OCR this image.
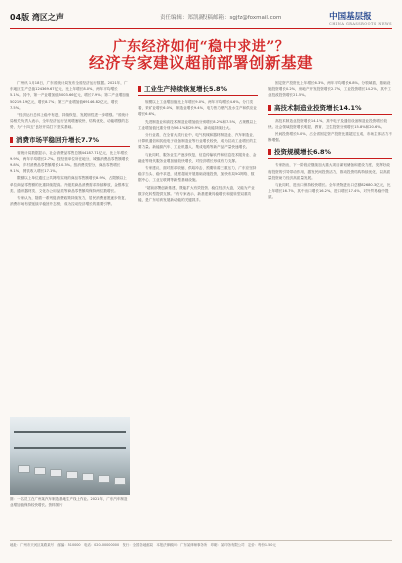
04版 湾区之声	责任编辑：郑凯新
投稿邮箱：sgjfz@foxmail.com	中国基层报
CHINA GRASSROOTS NEWS
广东经济如何“稳中求进”？
经济专家建议超前部署创新基建

广州讯 1月18日，广东省统计局发布全省经济运行数据。2021年，广东地区生产总值124369.67亿元，比上年增长8.0%，两年平均增长5.1%。其中，第一产业增加值5003.66亿元，增长7.9%；第二产业增加值50219.19亿元，增长8.7%；第三产业增加值69146.82亿元，增长7.5%。

“经济运行总体上稳中有进，持续恢复，发展韧性进一步增强。”省统计局相关负责人表示，全年经济运行呈现增速较快、结构优化、动能增强的态势，为“十四五”良好开局打下坚实基础。

消费市场平稳回升增长7.7%

省统计局数据显示，社会消费品零售总额44187.71亿元，比上年增长9.9%，两年平均增长2.7%。按经营单位所在地分，城镇消费品零售额增长9.8%，乡村消费品零售额增长10.3%。按消费类型分，商品零售增长9.1%，餐饮收入增长17.1%。

限额以上单位通过公共网络实现的商品零售额增长8.9%，占限额以上单位商品零售额的比重持续提高。升级类商品消费需求持续释放，金银珠宝类、通讯器材类、文化办公用品类等商品零售额均保持两位数增长。

专家认为，随着一系列促消费政策持续发力，居民消费意愿逐步恢复，消费市场有望延续平稳回升态势，成为拉动经济增长的重要引擎。

图：一名员工在广州某汽车制造基地生产线上作业。2021年，广东汽车制造业增加值保持较快增长。资料图片
工业生产持续恢复增长5.8%

规模以上工业增加值比上年增长9.0%，两年平均增长4.6%。分门类看，采矿业增长6.0%，制造业增长9.4%，电力热力燃气及水生产和供应业增长6.6%。

先进制造业和高技术制造业增加值分别增长8.2%和7.5%，占规模以上工业增加值比重分别为56.1%和29.9%，新动能持续壮大。

分行业看，在全省大类行业中，电气机械和器材制造业、汽车制造业、计算机通信和其他电子设备制造业等行业增长较快，成为拉动工业增长的主要力量。新能源汽车、工业机器人、集成电路等新产品产量快速增长。

与此同时，服务业生产逐步恢复，信息传输软件和信息技术服务业、金融业等现代服务业增加值较快增长，对经济增长形成有力支撑。

专家建议，面对需求收缩、供给冲击、预期转弱三重压力，广东应坚持稳字当头、稳中求进，适度超前开展基础设施投资，加快布局5G网络、数据中心、工业互联网等新型基础设施。

“超前部署创新基建，既能扩大有效投资、稳住经济大盘，又能为产业数字化转型提供支撑。”有专家表示，新基建兼具稳增长和促转型双重功能，是广东培育发展新动能的关键抓手。

固定资产投资比上年增长6.3%，两年平均增长6.8%。分领域看，基础设施投资增长0.2%，房地产开发投资增长2.7%，工业投资增长14.2%，其中工业技改投资增长21.5%。

高技术制造业投资增长14.1%

高技术制造业投资增长14.1%，其中电子及通信设备制造业投资增长较快。社会领域投资增长明显，教育、卫生投资分别增长15.8%和20.6%。

民间投资增长5.0%，占全省固定资产投资比重超过五成，市场主体活力不断增强。

投资规模增长6.8%

专家指出，下一阶段应继续加大重大项目谋划储备和建设力度，发挥好政府投资的引导带动作用，激发民间投资活力，推动投资结构持续优化，以高质量投资助力经济高质量发展。

与此同时，进出口保持较快增长。全年货物进出口总额82680.3亿元，比上年增长16.7%，其中出口增长16.2%，进口增长17.4%，对外贸易稳中提质。

地址：广州市天河区某路某号　邮编：510000　电话：020-00000000　发行：全国各地邮局　本报法律顾问：广东某律师事务所　印刷：某印务有限公司　定价：每份1.50元
